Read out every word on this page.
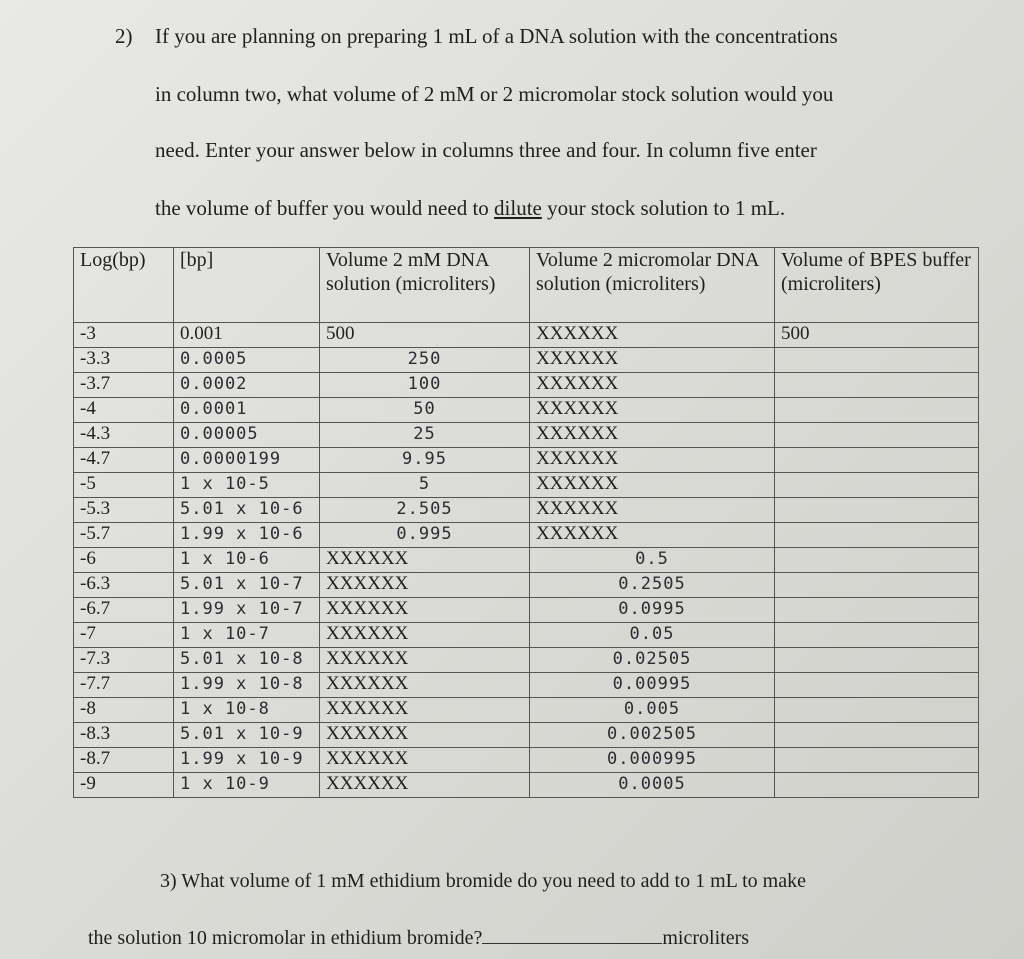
2) If you are planning on preparing 1 mL of a DNA solution with the concentrations
in column two, what volume of 2 mM or 2 micromolar stock solution would you
need. Enter your answer below in columns three and four. In column five enter
the volume of buffer you would need to dilute your stock solution to 1 mL.
Log(bp)	[bp]	Volume 2 mM DNA solution (microliters)	Volume 2 micromolar DNA solution (microliters)	Volume of BPES buffer (microliters)
-3	0.001	500	XXXXXX	500
-3.3	0.0005	250	XXXXXX	
-3.7	0.0002	100	XXXXXX	
-4	0.0001	50	XXXXXX	
-4.3	0.00005	25	XXXXXX	
-4.7	0.0000199	9.95	XXXXXX	
-5	1 x 10-5	5	XXXXXX	
-5.3	5.01 x 10-6	2.505	XXXXXX	
-5.7	1.99 x 10-6	0.995	XXXXXX	
-6	1 x 10-6	XXXXXX	0.5	
-6.3	5.01 x 10-7	XXXXXX	0.2505	
-6.7	1.99 x 10-7	XXXXXX	0.0995	
-7	1 x 10-7	XXXXXX	0.05	
-7.3	5.01 x 10-8	XXXXXX	0.02505	
-7.7	1.99 x 10-8	XXXXXX	0.00995	
-8	1 x 10-8	XXXXXX	0.005	
-8.3	5.01 x 10-9	XXXXXX	0.002505	
-8.7	1.99 x 10-9	XXXXXX	0.000995	
-9	1 x 10-9	XXXXXX	0.0005	
3) What volume of 1 mM ethidium bromide do you need to add to 1 mL to make
the solution 10 micromolar in ethidium bromide?	microliters
